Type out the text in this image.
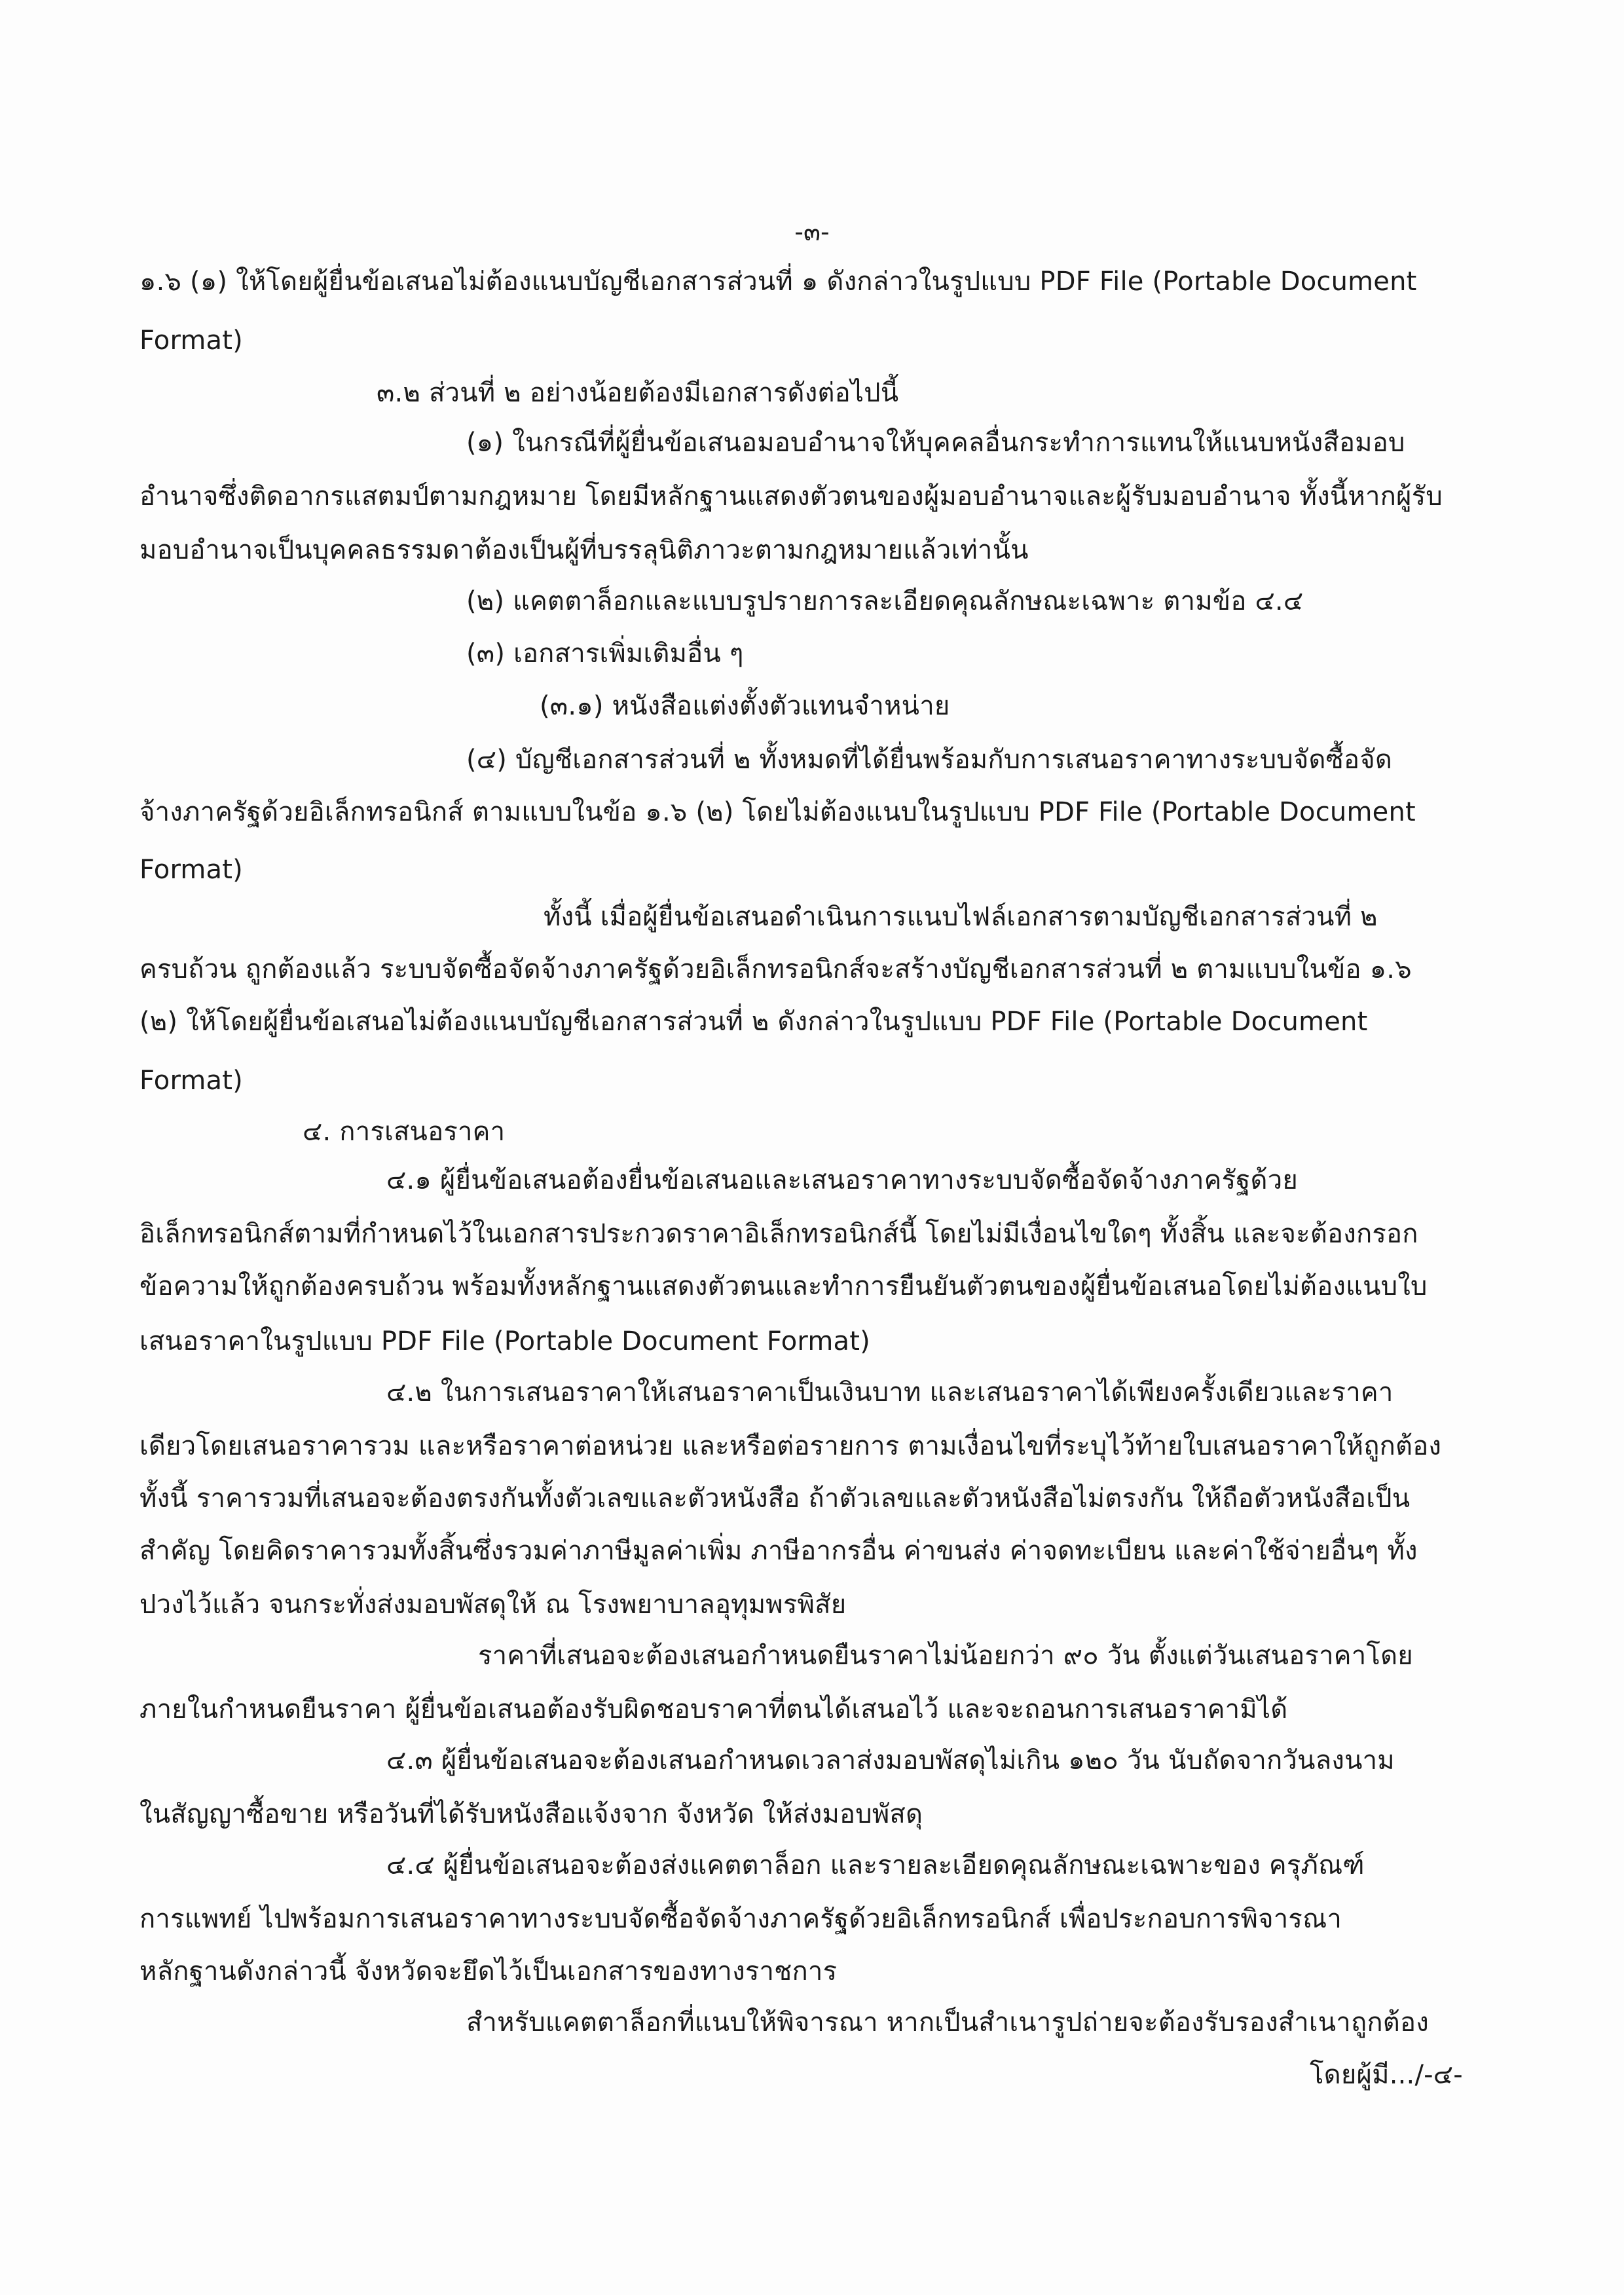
-๓-
๑.๖ (๑) ให้โดยผู้ยื่นข้อเสนอไม่ต้องแนบบัญชีเอกสารส่วนที่ ๑ ดังกล่าวในรูปแบบ PDF File (Portable Document
Format)
๓.๒ ส่วนที่ ๒ อย่างน้อยต้องมีเอกสารดังต่อไปนี้
(๑) ในกรณีที่ผู้ยื่นข้อเสนอมอบอำนาจให้บุคคลอื่นกระทำการแทนให้แนบหนังสือมอบ
อำนาจซึ่งติดอากรแสตมป์ตามกฎหมาย โดยมีหลักฐานแสดงตัวตนของผู้มอบอำนาจและผู้รับมอบอำนาจ ทั้งนี้หากผู้รับ
มอบอำนาจเป็นบุคคลธรรมดาต้องเป็นผู้ที่บรรลุนิติภาวะตามกฎหมายแล้วเท่านั้น
(๒) แคตตาล็อกและแบบรูปรายการละเอียดคุณลักษณะเฉพาะ ตามข้อ ๔.๔
(๓) เอกสารเพิ่มเติมอื่น ๆ
(๓.๑) หนังสือแต่งตั้งตัวแทนจำหน่าย
(๔) บัญชีเอกสารส่วนที่ ๒ ทั้งหมดที่ได้ยื่นพร้อมกับการเสนอราคาทางระบบจัดซื้อจัด
จ้างภาครัฐด้วยอิเล็กทรอนิกส์ ตามแบบในข้อ ๑.๖ (๒) โดยไม่ต้องแนบในรูปแบบ PDF File (Portable Document
Format)
ทั้งนี้ เมื่อผู้ยื่นข้อเสนอดำเนินการแนบไฟล์เอกสารตามบัญชีเอกสารส่วนที่ ๒
ครบถ้วน ถูกต้องแล้ว ระบบจัดซื้อจัดจ้างภาครัฐด้วยอิเล็กทรอนิกส์จะสร้างบัญชีเอกสารส่วนที่ ๒ ตามแบบในข้อ ๑.๖
(๒) ให้โดยผู้ยื่นข้อเสนอไม่ต้องแนบบัญชีเอกสารส่วนที่ ๒ ดังกล่าวในรูปแบบ PDF File (Portable Document
Format)
๔. การเสนอราคา
๔.๑ ผู้ยื่นข้อเสนอต้องยื่นข้อเสนอและเสนอราคาทางระบบจัดซื้อจัดจ้างภาครัฐด้วย
อิเล็กทรอนิกส์ตามที่กำหนดไว้ในเอกสารประกวดราคาอิเล็กทรอนิกส์นี้ โดยไม่มีเงื่อนไขใดๆ ทั้งสิ้น และจะต้องกรอก
ข้อความให้ถูกต้องครบถ้วน พร้อมทั้งหลักฐานแสดงตัวตนและทำการยืนยันตัวตนของผู้ยื่นข้อเสนอโดยไม่ต้องแนบใบ
เสนอราคาในรูปแบบ PDF File (Portable Document Format)
๔.๒ ในการเสนอราคาให้เสนอราคาเป็นเงินบาท และเสนอราคาได้เพียงครั้งเดียวและราคา
เดียวโดยเสนอราคารวม และหรือราคาต่อหน่วย และหรือต่อรายการ ตามเงื่อนไขที่ระบุไว้ท้ายใบเสนอราคาให้ถูกต้อง
ทั้งนี้ ราคารวมที่เสนอจะต้องตรงกันทั้งตัวเลขและตัวหนังสือ ถ้าตัวเลขและตัวหนังสือไม่ตรงกัน ให้ถือตัวหนังสือเป็น
สำคัญ โดยคิดราคารวมทั้งสิ้นซึ่งรวมค่าภาษีมูลค่าเพิ่ม ภาษีอากรอื่น ค่าขนส่ง ค่าจดทะเบียน และค่าใช้จ่ายอื่นๆ ทั้ง
ปวงไว้แล้ว จนกระทั่งส่งมอบพัสดุให้ ณ โรงพยาบาลอุทุมพรพิสัย
ราคาที่เสนอจะต้องเสนอกำหนดยืนราคาไม่น้อยกว่า ๙๐ วัน ตั้งแต่วันเสนอราคาโดย
ภายในกำหนดยืนราคา ผู้ยื่นข้อเสนอต้องรับผิดชอบราคาที่ตนได้เสนอไว้ และจะถอนการเสนอราคามิได้
๔.๓ ผู้ยื่นข้อเสนอจะต้องเสนอกำหนดเวลาส่งมอบพัสดุไม่เกิน ๑๒๐ วัน นับถัดจากวันลงนาม
ในสัญญาซื้อขาย หรือวันที่ได้รับหนังสือแจ้งจาก จังหวัด ให้ส่งมอบพัสดุ
๔.๔ ผู้ยื่นข้อเสนอจะต้องส่งแคตตาล็อก และรายละเอียดคุณลักษณะเฉพาะของ ครุภัณฑ์
การแพทย์ ไปพร้อมการเสนอราคาทางระบบจัดซื้อจัดจ้างภาครัฐด้วยอิเล็กทรอนิกส์ เพื่อประกอบการพิจารณา
หลักฐานดังกล่าวนี้ จังหวัดจะยึดไว้เป็นเอกสารของทางราชการ
สำหรับแคตตาล็อกที่แนบให้พิจารณา หากเป็นสำเนารูปถ่ายจะต้องรับรองสำเนาถูกต้อง
โดยผู้มี.../-๔-
